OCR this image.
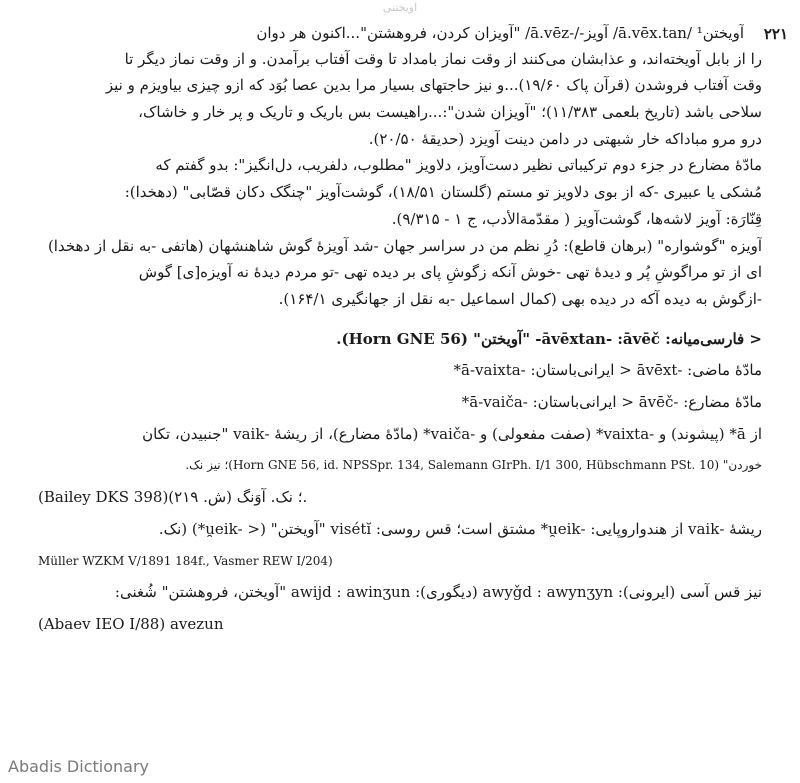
اویختنی
۲۲۱
آویختن¹ /ā.vēx.tan/ آویز-/-ā.vēz/ "آویزان کردن، فروهشتن"...اکنون هر دوان
را از بابل آویخته‌اند، و عذابشان می‌کنند از وقت نماز بامداد تا وقت آفتاب برآمدن. و از وقت نماز دیگر تا
وقت آفتاب فروشدن (قرآن پاک ۱۹/۶۰)...و نیز حاجتهای بسیار مرا بدین عصا بُوَد که ازو چیزی بیاویزم و نیز
سلاحی باشد (تاریخ بلعمی ۱۱/۳۸۳)؛ "آویزان شدن":...راهیست بس باریک و تاریک و پر خار و خاشاک،
درو مرو مباداکه خار شبهتی در دامن دینت آویزد (حدیقهٔ ۲۰/۵۰).
مادّهٔ مضارع در جزء دوم ترکیباتی نظیر دست‌آویز، دلاویز "مطلوب، دلفریب، دل‌انگیز": بدو گفتم که
مُشکی یا عبیری -که از بوی دلاویز تو مستم (گلستان ۱۸/۵۱)، گوشت‌آویز "چنگک دکان قصّابی" (دهخدا):
قِنّارَة: آویز لاشه‌ها، گوشت‌آویز ( مقدّمةالأدب، ج ۱ - ۹/۳۱۵).
آویزه "گوشواره" (برهان قاطع): دُرِ نظم من در سراسر جهان -شد آویزهٔ گوش شاهنشهان (هاتفی -به نقل از دهخدا)
ای از تو مراگوشِ پُر و دیدهٔ تهی -خوش آنکه زگوشِ پای بر دیده تهی -تو مردم دیدهٔ نه آویزه[ی] گوش
-ازگوش به دیده آکه در دیده بهی (کمال اسماعیل -به نقل از جهانگیری ۱۶۴/۱).
< فارسی‌میانه: āvēxtan- :āvēč- "آویختن" (Horn GNE 56).
مادّهٔ ماضی: -āvēxt < ایرانی‌باستان: -ā-vaixta*
مادّهٔ مضارع: -āvēč < ایرانی‌باستان: -ā-vaiča*
از ā* (پیشوند) و -vaixta* (صفت مفعولی) و -vaiča* (مادّهٔ مضارع)، از ریشهٔ -vaik "جنبیدن، تکان
خوردن" (Horn GNE 56, id. NPSSpr. 134, Salemann GIrPh. I/1 300, Hübschmann PSt. 10)؛ نیز نک.
(Bailey DKS 398)؛ نک. آوَنگ (ش. ۲۱۹).
ریشهٔ -vaik از هندواروپایی: -u̯eik* مشتق است؛ قس روسی: visétĭ "آویختن" (< -u̯eik*) (نک.
Müller WZKM V/1891 184f., Vasmer REW I/204)
نیز قس آسی (ایرونی): awyǧd : awynʒyn (دیگوری): awijd : awinʒun "آویختن، فروهشتن" شُغنی:
(Abaev IEO I/88) avezun
Abadis Dictionary
